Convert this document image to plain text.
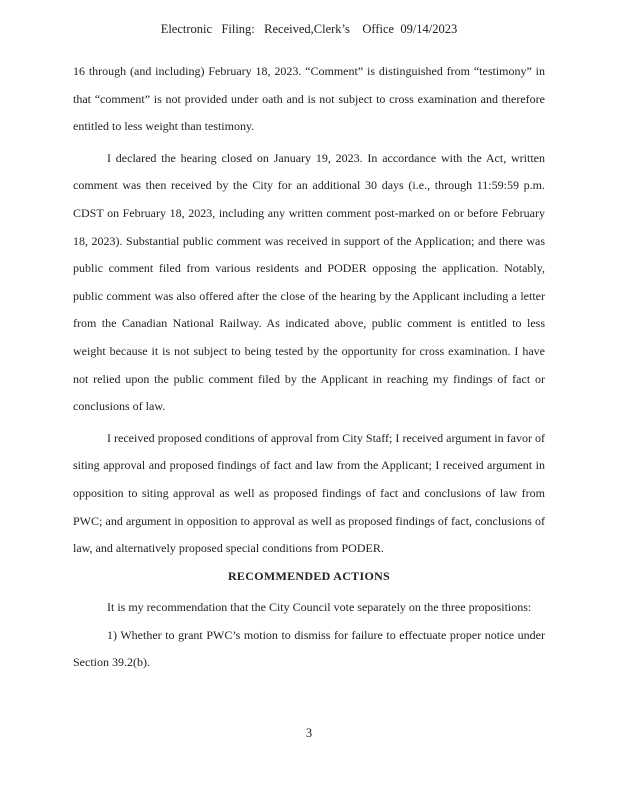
Electronic   Filing:   Received,Clerk’s    Office  09/14/2023

16 through (and including) February 18, 2023. “Comment” is distinguished from “testimony” in that “comment” is not provided under oath and is not subject to cross examination and therefore entitled to less weight than testimony.

I declared the hearing closed on January 19, 2023. In accordance with the Act, written comment was then received by the City for an additional 30 days (i.e., through 11:59:59 p.m. CDST on February 18, 2023, including any written comment post-marked on or before February 18, 2023). Substantial public comment was received in support of the Application; and there was public comment filed from various residents and PODER opposing the application. Notably, public comment was also offered after the close of the hearing by the Applicant including a letter from the Canadian National Railway. As indicated above, public comment is entitled to less weight because it is not subject to being tested by the opportunity for cross examination. I have not relied upon the public comment filed by the Applicant in reaching my findings of fact or conclusions of law.

I received proposed conditions of approval from City Staff; I received argument in favor of siting approval and proposed findings of fact and law from the Applicant; I received argument in opposition to siting approval as well as proposed findings of fact and conclusions of law from PWC; and argument in opposition to approval as well as proposed findings of fact, conclusions of law, and alternatively proposed special conditions from PODER.

RECOMMENDED ACTIONS

It is my recommendation that the City Council vote separately on the three propositions:

1) Whether to grant PWC’s motion to dismiss for failure to effectuate proper notice under Section 39.2(b).

3
